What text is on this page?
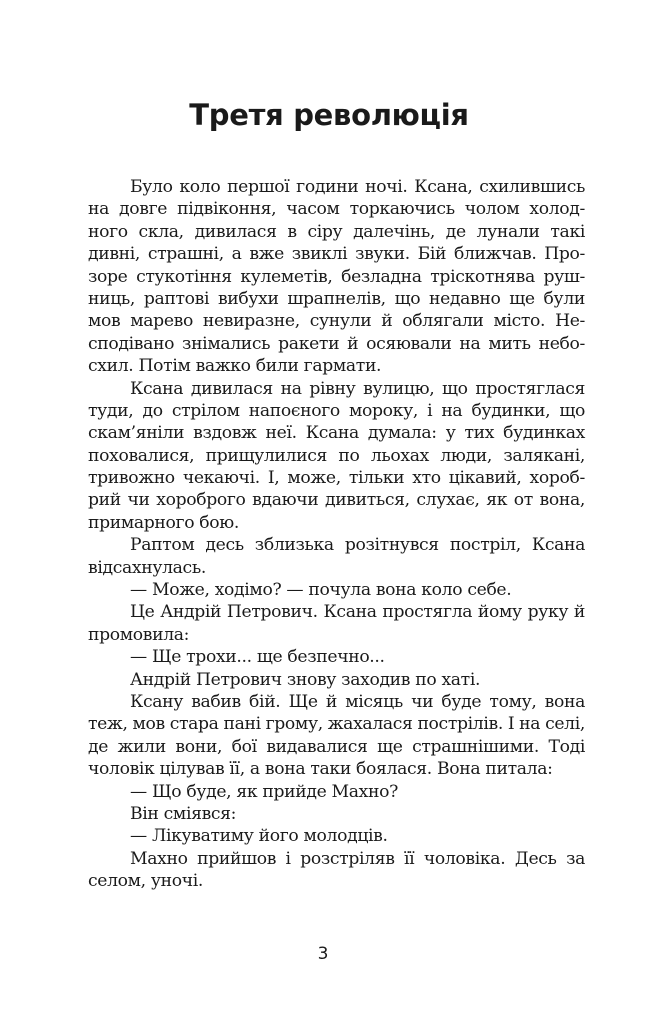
Третя революція
Було коло першої години ночі. Ксана, схилившись
на довге підвіконня, часом торкаючись чолом холод-
ного скла, дивилася в сіру далечінь, де лунали такі
дивні, страшні, а вже звиклі звуки. Бій ближчав. Про-
зоре стукотіння кулеметів, безладна тріскотнява руш-
ниць, раптові вибухи шрапнелів, що недавно ще були
мов марево невиразне, сунули й облягали місто. Не-
сподівано знімались ракети й осяювали на мить небо-
схил. Потім важко били гармати.
Ксана дивилася на рівну вулицю, що простяглася
туди, до стрілом напоєного мороку, і на будинки, що
скам’яніли вздовж неї. Ксана думала: у тих будинках
поховалися, прищулилися по льохах люди, залякані,
тривожно чекаючі. І, може, тільки хто цікавий, хороб-
рий чи хороброго вдаючи дивиться, слухає, як от вона,
примарного бою.
Раптом десь зблизька розітнувся постріл, Ксана
відсахнулась.
— Може, ходімо? — почула вона коло себе.
Це Андрій Петрович. Ксана простягла йому руку й
промовила:
— Ще трохи... ще безпечно...
Андрій Петрович знову заходив по хаті.
Ксану вабив бій. Ще й місяць чи буде тому, вона
теж, мов стара пані грому, жахалася пострілів. І на селі,
де жили вони, бої видавалися ще страшнішими. Тоді
чоловік цілував її, а вона таки боялася. Вона питала:
— Що буде, як прийде Махно?
Він сміявся:
— Лікуватиму його молодців.
Махно прийшов і розстріляв її чоловіка. Десь за
селом, уночі.
3
